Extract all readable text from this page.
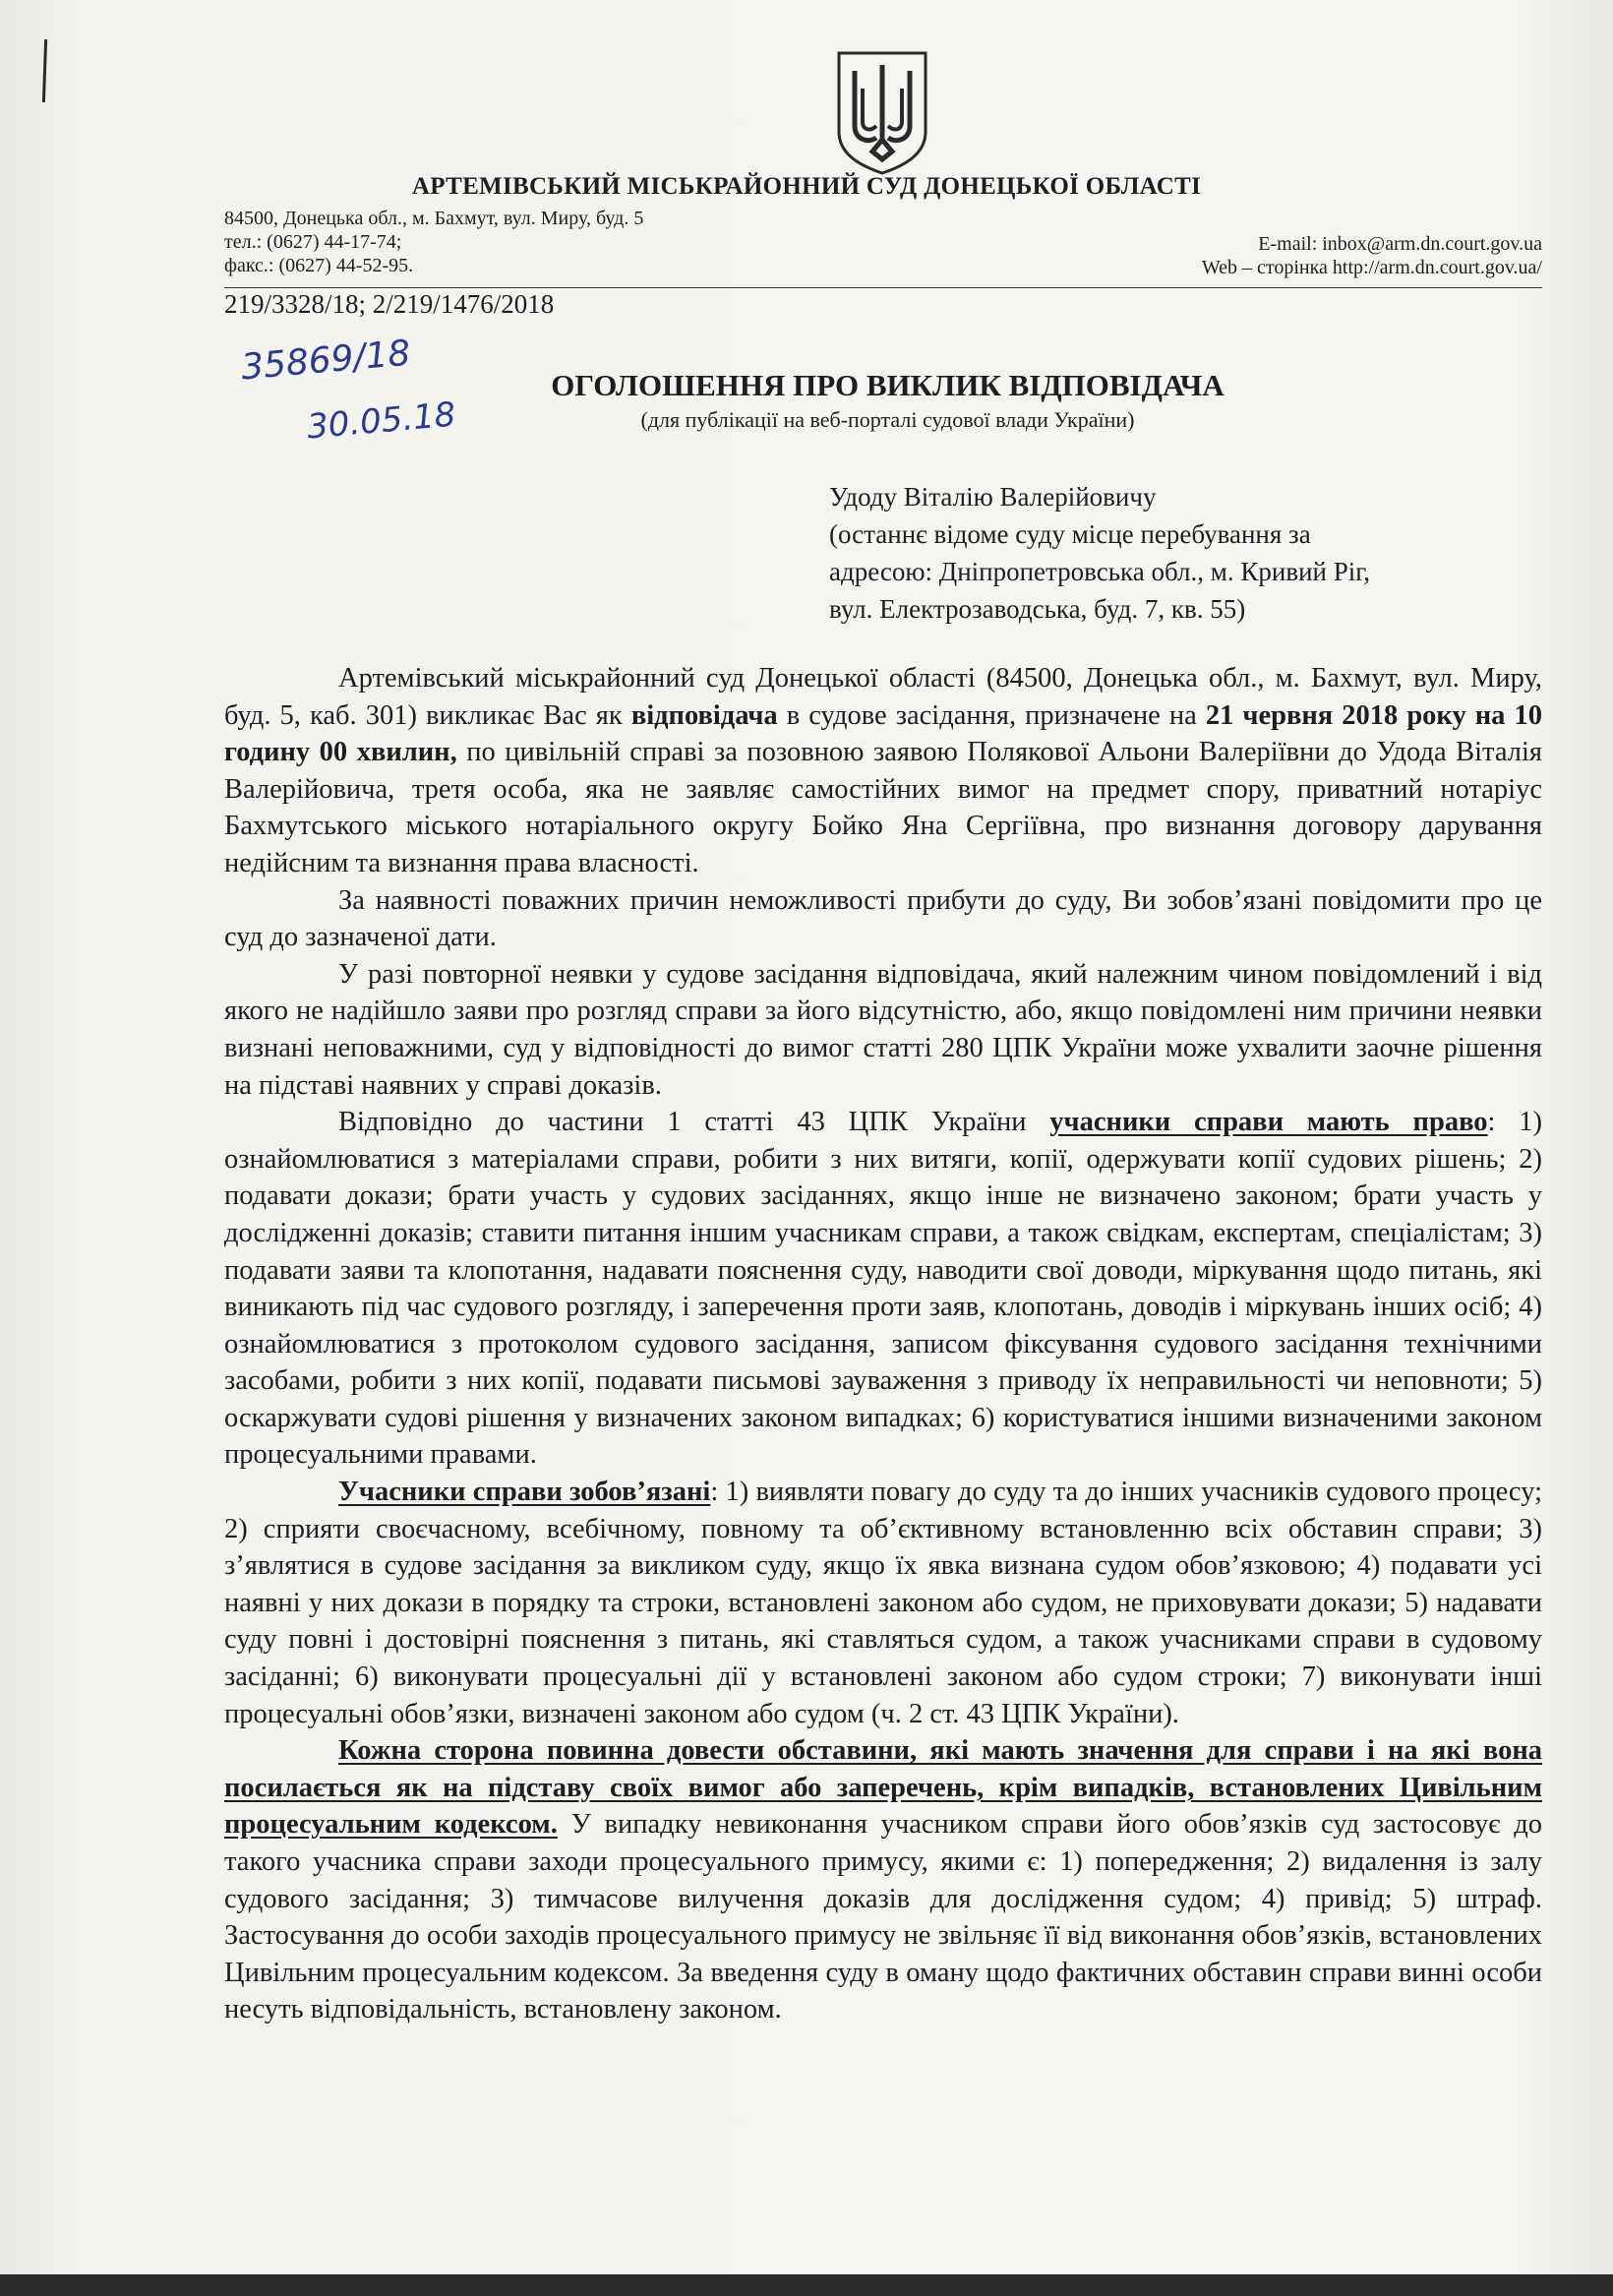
АРТЕМІВСЬКИЙ МІСЬКРАЙОННИЙ СУД ДОНЕЦЬКОЇ ОБЛАСТІ
84500, Донецька обл., м. Бахмут, вул. Миру, буд. 5
тел.: (0627) 44-17-74;
факс.: (0627) 44-52-95.
E-mail: inbox@arm.dn.court.gov.ua
Web – сторінка http://arm.dn.court.gov.ua/
219/3328/18; 2/219/1476/2018
35869/18
30.05.18
ОГОЛОШЕННЯ ПРО ВИКЛИК ВІДПОВІДАЧА
(для публікації на веб-порталі судової влади України)
Удоду Віталію Валерійовичу
(останнє відоме суду місце перебування за
адресою: Дніпропетровська обл., м. Кривий Ріг,
вул. Електрозаводська, буд. 7, кв. 55)

Артемівський міськрайонний суд Донецької області (84500, Донецька обл., м. Бахмут, вул. Миру, буд. 5, каб. 301) викликає Вас як відповідача в судове засідання, призначене на 21 червня 2018 року на 10 годину 00 хвилин, по цивільній справі за позовною заявою Полякової Альони Валеріївни до Удода Віталія Валерійовича, третя особа, яка не заявляє самостійних вимог на предмет спору, приватний нотаріус Бахмутського міського нотаріального округу Бойко Яна Сергіївна, про визнання договору дарування недійсним та визнання права власності.

За наявності поважних причин неможливості прибути до суду, Ви зобов’язані повідомити про це суд до зазначеної дати.

У разі повторної неявки у судове засідання відповідача, який належним чином повідомлений і від якого не надійшло заяви про розгляд справи за його відсутністю, або, якщо повідомлені ним причини неявки визнані неповажними, суд у відповідності до вимог статті 280 ЦПК України може ухвалити заочне рішення на підставі наявних у справі доказів.

Відповідно до частини 1 статті 43 ЦПК України учасники справи мають право: 1) ознайомлюватися з матеріалами справи, робити з них витяги, копії, одержувати копії судових рішень; 2) подавати докази; брати участь у судових засіданнях, якщо інше не визначено законом; брати участь у дослідженні доказів; ставити питання іншим учасникам справи, а також свідкам, експертам, спеціалістам; 3) подавати заяви та клопотання, надавати пояснення суду, наводити свої доводи, міркування щодо питань, які виникають під час судового розгляду, і заперечення проти заяв, клопотань, доводів і міркувань інших осіб; 4) ознайомлюватися з протоколом судового засідання, записом фіксування судового засідання технічними засобами, робити з них копії, подавати письмові зауваження з приводу їх неправильності чи неповноти; 5) оскаржувати судові рішення у визначених законом випадках; 6) користуватися іншими визначеними законом процесуальними правами.

Учасники справи зобов’язані: 1) виявляти повагу до суду та до інших учасників судового процесу; 2) сприяти своєчасному, всебічному, повному та об’єктивному встановленню всіх обставин справи; 3) з’являтися в судове засідання за викликом суду, якщо їх явка визнана судом обов’язковою; 4) подавати усі наявні у них докази в порядку та строки, встановлені законом або судом, не приховувати докази; 5) надавати суду повні і достовірні пояснення з питань, які ставляться судом, а також учасниками справи в судовому засіданні; 6) виконувати процесуальні дії у встановлені законом або судом строки; 7) виконувати інші процесуальні обов’язки, визначені законом або судом (ч. 2 ст. 43 ЦПК України).

Кожна сторона повинна довести обставини, які мають значення для справи і на які вона посилається як на підставу своїх вимог або заперечень, крім випадків, встановлених Цивільним процесуальним кодексом. У випадку невиконання учасником справи його обов’язків суд застосовує до такого учасника справи заходи процесуального примусу, якими є: 1) попередження; 2) видалення із залу судового засідання; 3) тимчасове вилучення доказів для дослідження судом; 4) привід; 5) штраф. Застосування до особи заходів процесуального примусу не звільняє її від виконання обов’язків, встановлених Цивільним процесуальним кодексом. За введення суду в оману щодо фактичних обставин справи винні особи несуть відповідальність, встановлену законом.
